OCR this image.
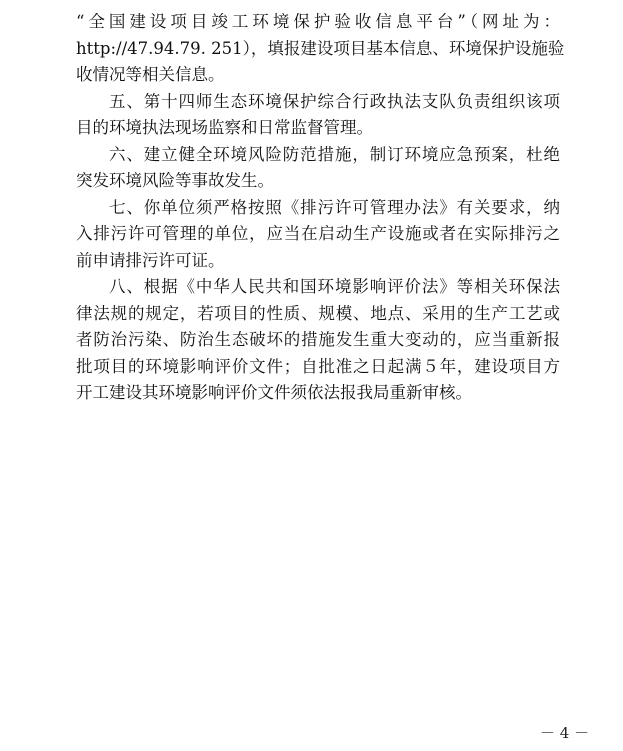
“全国建设项目竣工环境保护验收信息平台”（网址为：
http://47.94.79. 251），填报建设项目基本信息、环境保护设施验
收情况等相关信息。
五、第十四师生态环境保护综合行政执法支队负责组织该项
目的环境执法现场监察和日常监督管理。
六、建立健全环境风险防范措施，制订环境应急预案，杜绝
突发环境风险等事故发生。
七、你单位须严格按照《排污许可管理办法》有关要求，纳
入排污许可管理的单位，应当在启动生产设施或者在实际排污之
前申请排污许可证。
八、根据《中华人民共和国环境影响评价法》等相关环保法
律法规的规定，若项目的性质、规模、地点、采用的生产工艺或
者防治污染、防治生态破坏的措施发生重大变动的，应当重新报
批项目的环境影响评价文件；自批准之日起满５年，建设项目方
开工建设其环境影响评价文件须依法报我局重新审核。
－ 4 －
